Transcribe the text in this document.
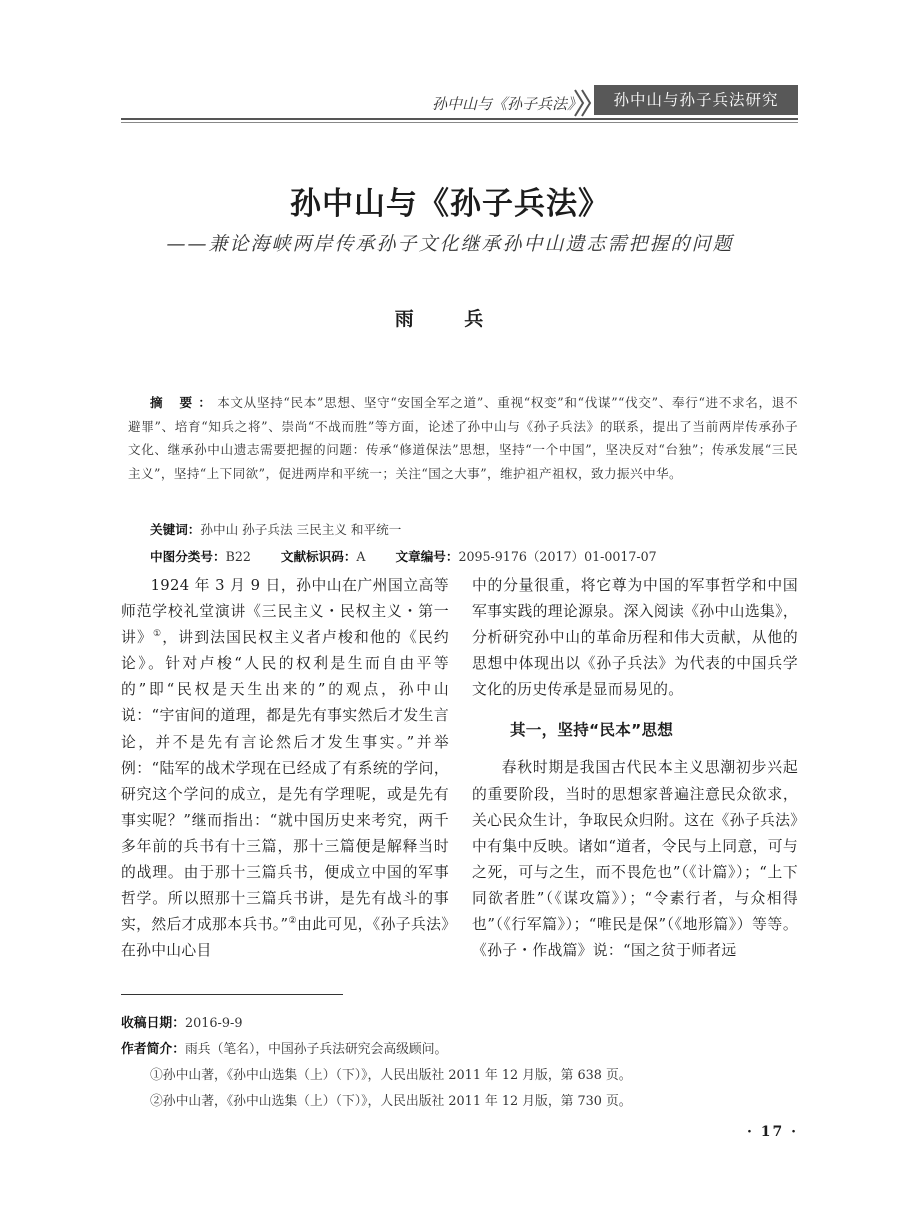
孙中山与《孙子兵法》	孙中山与孙子兵法研究
孙中山与《孙子兵法》
——兼论海峡两岸传承孙子文化继承孙中山遗志需把握的问题
雨 兵
摘 要：本文从坚持“民本”思想、坚守“安国全军之道”、重视“权变”和“伐谋”“伐交”、奉行“进不求名，退不避罪”、培育“知兵之将”、崇尚“不战而胜”等方面，论述了孙中山与《孙子兵法》的联系，提出了当前两岸传承孙子文化、继承孙中山遗志需要把握的问题：传承“修道保法”思想，坚持“一个中国”，坚决反对“台独”；传承发展“三民主义”，坚持“上下同欲”，促进两岸和平统一；关注“国之大事”，维护祖产祖权，致力振兴中华。
关键词：孙中山 孙子兵法 三民主义 和平统一
中图分类号：B22 文献标识码：A 文章编号：2095-9176（2017）01-0017-07

1924 年 3 月 9 日，孙中山在广州国立高等师范学校礼堂演讲《三民主义・民权主义・第一讲》①，讲到法国民权主义者卢梭和他的《民约论》。针对卢梭“人民的权利是生而自由平等的”即“民权是天生出来的”的观点，孙中山说：“宇宙间的道理，都是先有事实然后才发生言论，并不是先有言论然后才发生事实。”并举例：“陆军的战术学现在已经成了有系统的学问，研究这个学问的成立，是先有学理呢，或是先有事实呢？”继而指出：“就中国历史来考究，两千多年前的兵书有十三篇，那十三篇便是解释当时的战理。由于那十三篇兵书，便成立中国的军事哲学。所以照那十三篇兵书讲，是先有战斗的事实，然后才成那本兵书。”②由此可见，《孙子兵法》在孙中山心目

中的分量很重，将它尊为中国的军事哲学和中国军事实践的理论源泉。深入阅读《孙中山选集》，分析研究孙中山的革命历程和伟大贡献，从他的思想中体现出以《孙子兵法》为代表的中国兵学文化的历史传承是显而易见的。

其一，坚持“民本”思想

春秋时期是我国古代民本主义思潮初步兴起的重要阶段，当时的思想家普遍注意民众欲求，关心民众生计，争取民众归附。这在《孙子兵法》中有集中反映。诸如“道者，令民与上同意，可与之死，可与之生，而不畏危也”（《计篇》）；“上下同欲者胜”（《谋攻篇》）；“令素行者，与众相得也”（《行军篇》）；“唯民是保”（《地形篇》）等等。《孙子・作战篇》说：“国之贫于师者远

收稿日期：2016-9-9
作者简介：雨兵（笔名），中国孙子兵法研究会高级顾问。
①孙中山著，《孙中山选集（上）（下）》，人民出版社 2011 年 12 月版，第 638 页。
②孙中山著，《孙中山选集（上）（下）》，人民出版社 2011 年 12 月版，第 730 页。
· 17 ·
